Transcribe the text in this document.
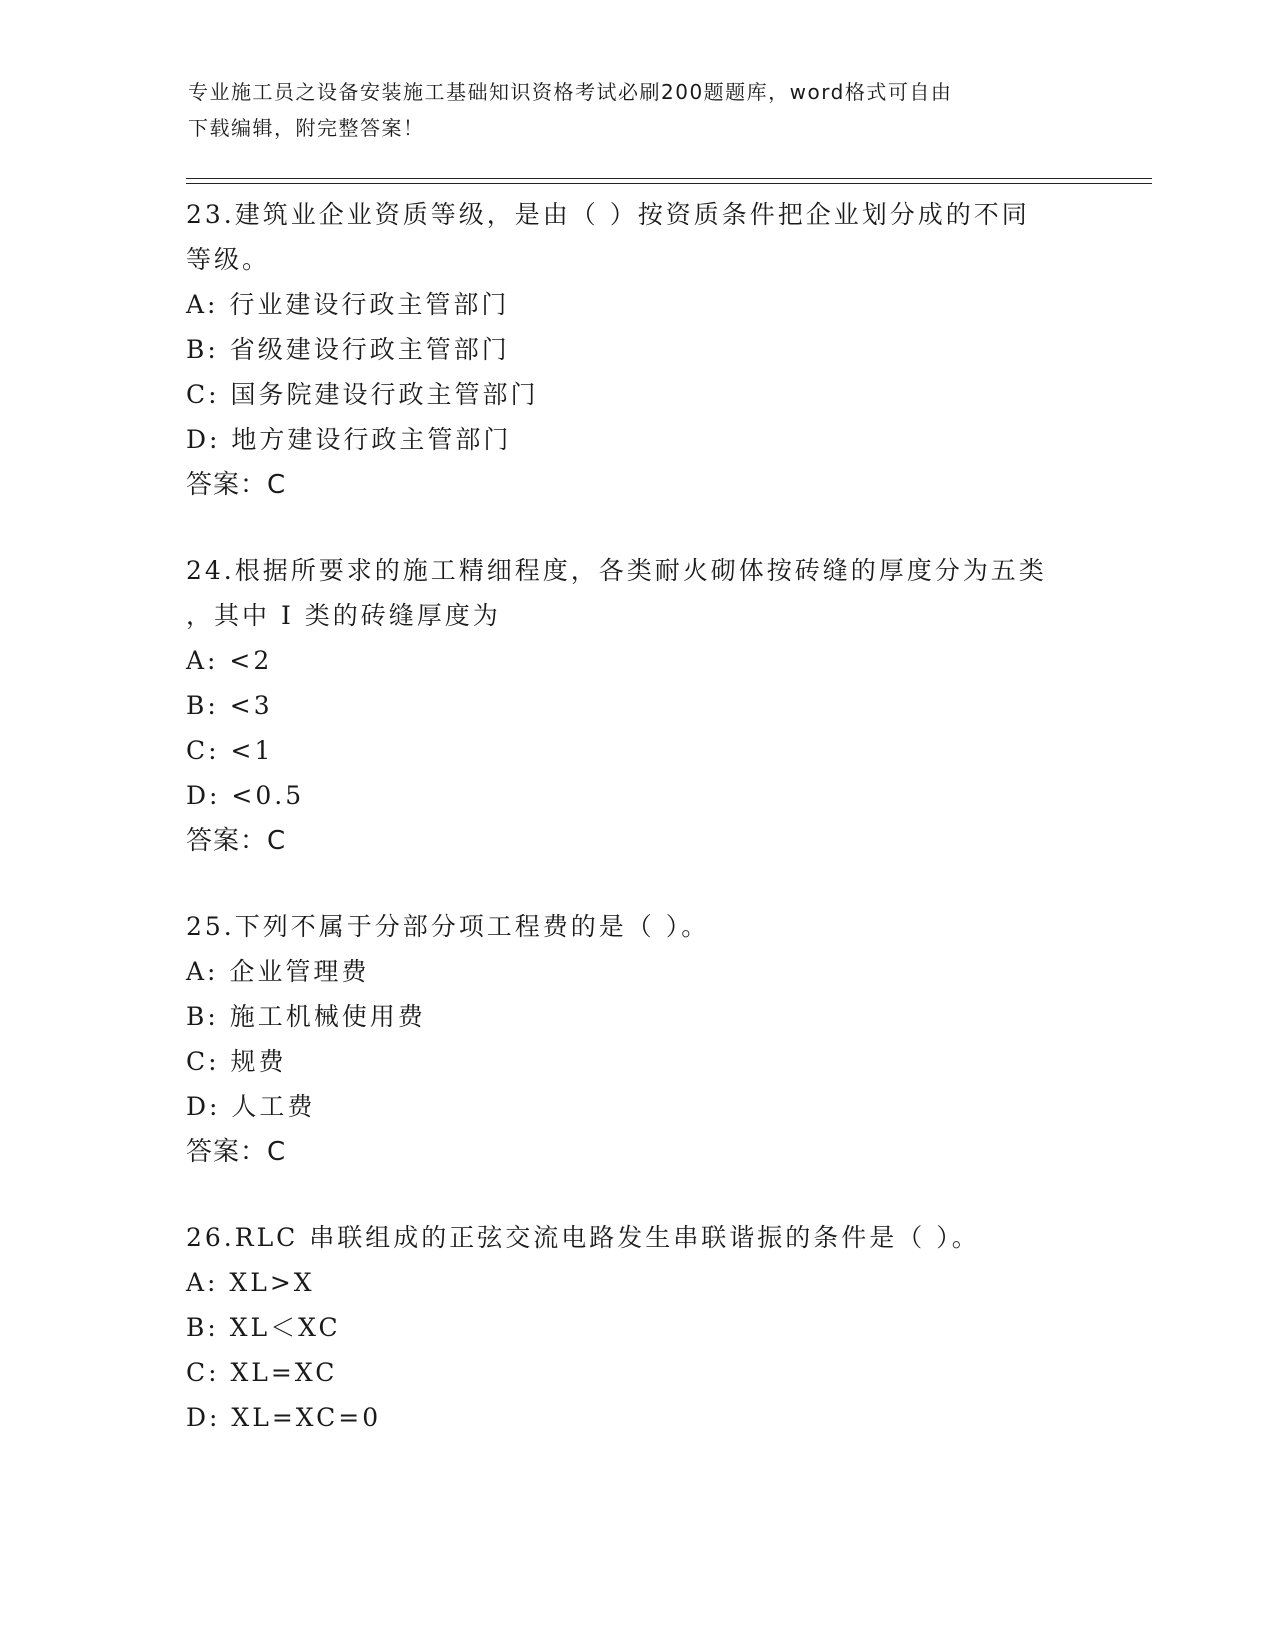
专业施工员之设备安装施工基础知识资格考试必刷200题题库，word格式可自由
下载编辑，附完整答案！
23.建筑业企业资质等级，是由（ ）按资质条件把企业划分成的不同
等级。
A: 行业建设行政主管部门
B: 省级建设行政主管部门
C: 国务院建设行政主管部门
D: 地方建设行政主管部门
答案：C
24.根据所要求的施工精细程度，各类耐火砌体按砖缝的厚度分为五类
，其中 I 类的砖缝厚度为
A: <2
B: <3
C: <1
D: <0.5
答案：C
25.下列不属于分部分项工程费的是（ ）。
A: 企业管理费
B: 施工机械使用费
C: 规费
D: 人工费
答案：C
26.RLC 串联组成的正弦交流电路发生串联谐振的条件是（ ）。
A: XL>X
B: XL＜XC
C: XL=XC
D: XL=XC=0
